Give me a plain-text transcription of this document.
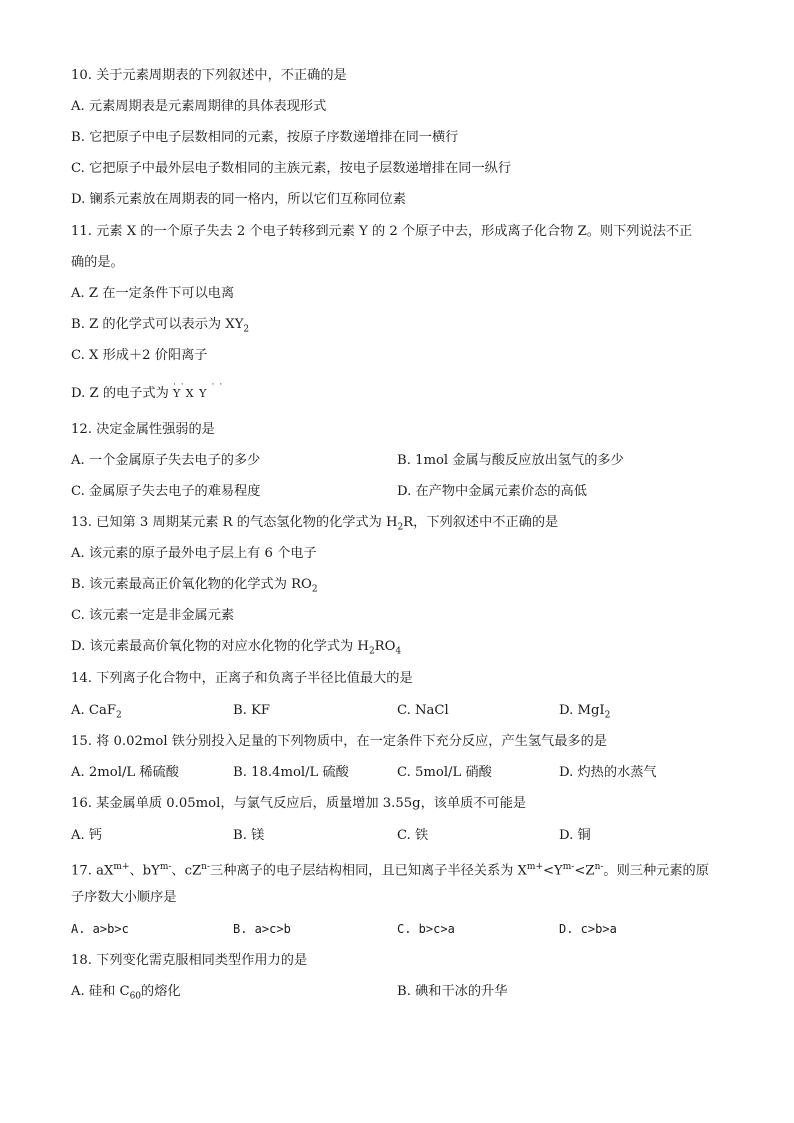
10. 关于元素周期表的下列叙述中，不正确的是
A. 元素周期表是元素周期律的具体表现形式
B. 它把原子中电子层数相同的元素，按原子序数递增排在同一横行
C. 它把原子中最外层电子数相同的主族元素，按电子层数递增排在同一纵行
D. 镧系元素放在周期表的同一格内，所以它们互称同位素
11. 元素 X 的一个原子失去 2 个电子转移到元素 Y 的 2 个原子中去，形成离子化合物 Z。则下列说法不正
确的是。
A. Z 在一定条件下可以电离
B. Z 的化学式可以表示为 $XY_2$
C. X 形成＋2 价阳离子
D. Z 的电子式为
· ·       · ·
Y X Y
12. 决定金属性强弱的是
A. 一个金属原子失去电子的多少	B. 1mol 金属与酸反应放出氢气的多少
C. 金属原子失去电子的难易程度	D. 在产物中金属元素价态的高低
13. 已知第 3 周期某元素 R 的气态氢化物的化学式为 $H_2R$，下列叙述中不正确的是
A. 该元素的原子最外电子层上有 6 个电子
B. 该元素最高正价氧化物的化学式为 $RO_2$
C. 该元素一定是非金属元素
D. 该元素最高价氧化物的对应水化物的化学式为 $H_2RO_4$
14. 下列离子化合物中，正离子和负离子半径比值最大的是
A. CaF$_2$	B. KF	C. NaCl	D. MgI$_2$
15. 将 0.02mol 铁分别投入足量的下列物质中，在一定条件下充分反应，产生氢气最多的是
A. 2mol/L 稀硫酸	B. 18.4mol/L 硫酸	C. 5mol/L 硝酸	D. 灼热的水蒸气
16. 某金属单质 0.05mol，与氯气反应后，质量增加 3.55g，该单质不可能是
A. 钙	B. 镁	C. 铁	D. 铜
17. $aX^{m+}$、$bY^{m-}$、$cZ^{n-}$三种离子的电子层结构相同，且已知离子半径关系为 $X^{m+}<Y^{m-}<Z^{n-}$。则三种元素的原
子序数大小顺序是
A. a>b>c	B. a>c>b	C. b>c>a	D. c>b>a
18. 下列变化需克服相同类型作用力的是
A. 硅和 $C_{60}$的熔化	B. 碘和干冰的升华
